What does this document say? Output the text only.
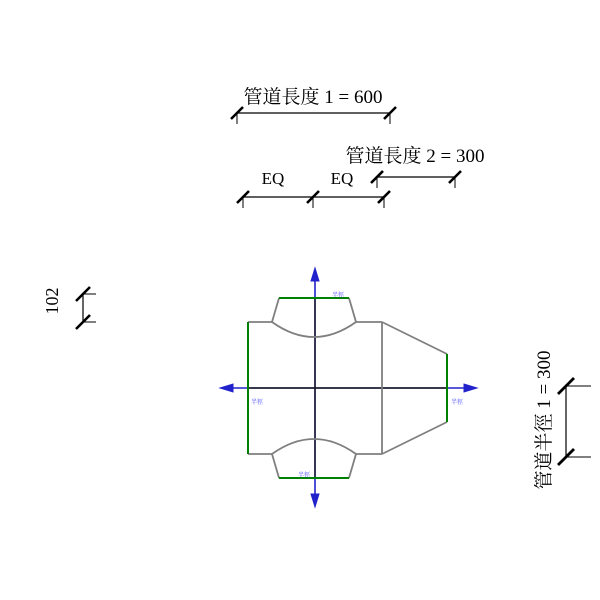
管道長度 1 = 600
管道長度 2 = 300
EQ	EQ
102
管道半徑 1 = 300
半徑
半徑	半徑
半徑
